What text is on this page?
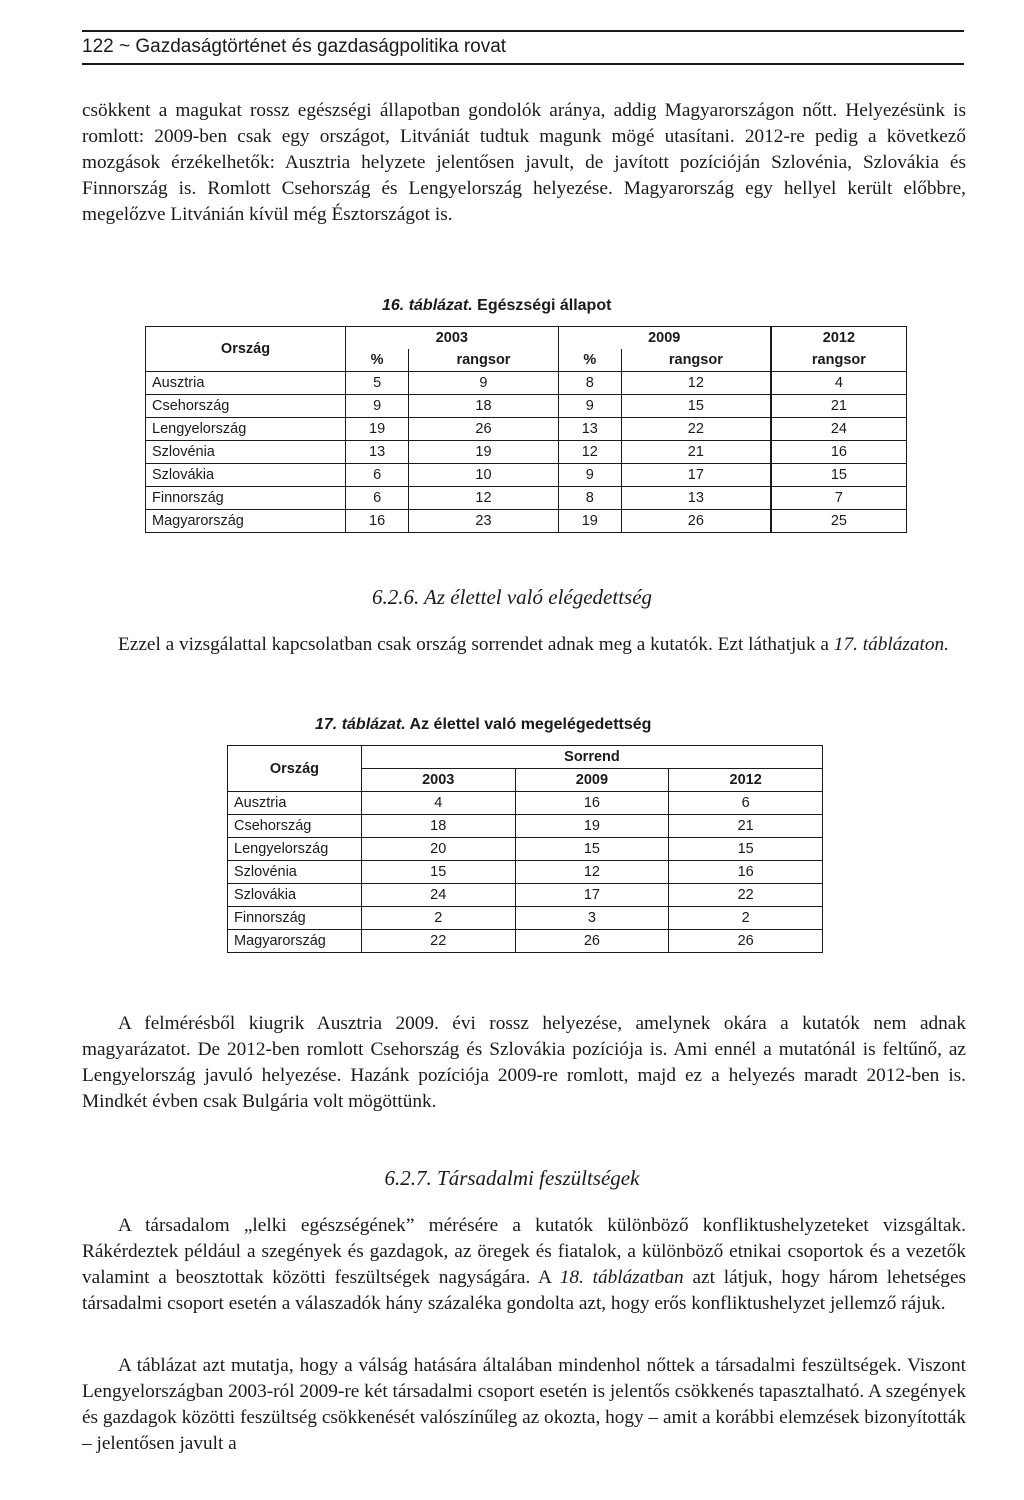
122 ~ Gazdaságtörténet és gazdaságpolitika rovat

csökkent a magukat rossz egészségi állapotban gondolók aránya, addig Magyarországon nőtt. Helyezésünk is romlott: 2009-ben csak egy országot, Litvániát tudtuk magunk mögé utasítani. 2012-re pedig a következő mozgások érzékelhetők: Ausztria helyzete jelentősen javult, de javított pozícióján Szlovénia, Szlovákia és Finnország is. Romlott Csehország és Lengyelország helyezése. Magyarország egy hellyel került előbbre, megelőzve Litvánián kívül még Észtországot is.

16. táblázat. Egészségi állapot
Ország	2003		2009		2012
	%	rangsor	%	rangsor	rangsor
Ausztria	5	9	8	12	4
Csehország	9	18	9	15	21
Lengyelország	19	26	13	22	24
Szlovénia	13	19	12	21	16
Szlovákia	6	10	9	17	15
Finnország	6	12	8	13	7
Magyarország	16	23	19	26	25
6.2.6. Az élettel való elégedettség

Ezzel a vizsgálattal kapcsolatban csak ország sorrendet adnak meg a kutatók. Ezt láthatjuk a 17. táblázaton.

17. táblázat. Az élettel való megelégedettség
Ország	Sorrend		
	2003	2009	2012
Ausztria	4	16	6
Csehország	18	19	21
Lengyelország	20	15	15
Szlovénia	15	12	16
Szlovákia	24	17	22
Finnország	2	3	2
Magyarország	22	26	26

A felmérésből kiugrik Ausztria 2009. évi rossz helyezése, amelynek okára a kutatók nem adnak magyarázatot. De 2012-ben romlott Csehország és Szlovákia pozíciója is. Ami ennél a mutatónál is feltűnő, az Lengyelország javuló helyezése. Hazánk pozíciója 2009-re romlott, majd ez a helyezés maradt 2012-ben is. Mindkét évben csak Bulgária volt mögöttünk.

6.2.7. Társadalmi feszültségek

A társadalom „lelki egészségének” mérésére a kutatók különböző konfliktushelyzeteket vizsgáltak. Rákérdeztek például a szegények és gazdagok, az öregek és fiatalok, a különböző etnikai csoportok és a vezetők valamint a beosztottak közötti feszültségek nagyságára. A 18. táblázatban azt látjuk, hogy három lehetséges társadalmi csoport esetén a válaszadók hány százaléka gondolta azt, hogy erős konfliktushelyzet jellemző rájuk.

A táblázat azt mutatja, hogy a válság hatására általában mindenhol nőttek a társadalmi feszültségek. Viszont Lengyelországban 2003-ról 2009-re két társadalmi csoport esetén is jelentős csökkenés tapasztalható. A szegények és gazdagok közötti feszültség csökkenését valószínűleg az okozta, hogy – amit a korábbi elemzések bizonyították – jelentősen javult a
